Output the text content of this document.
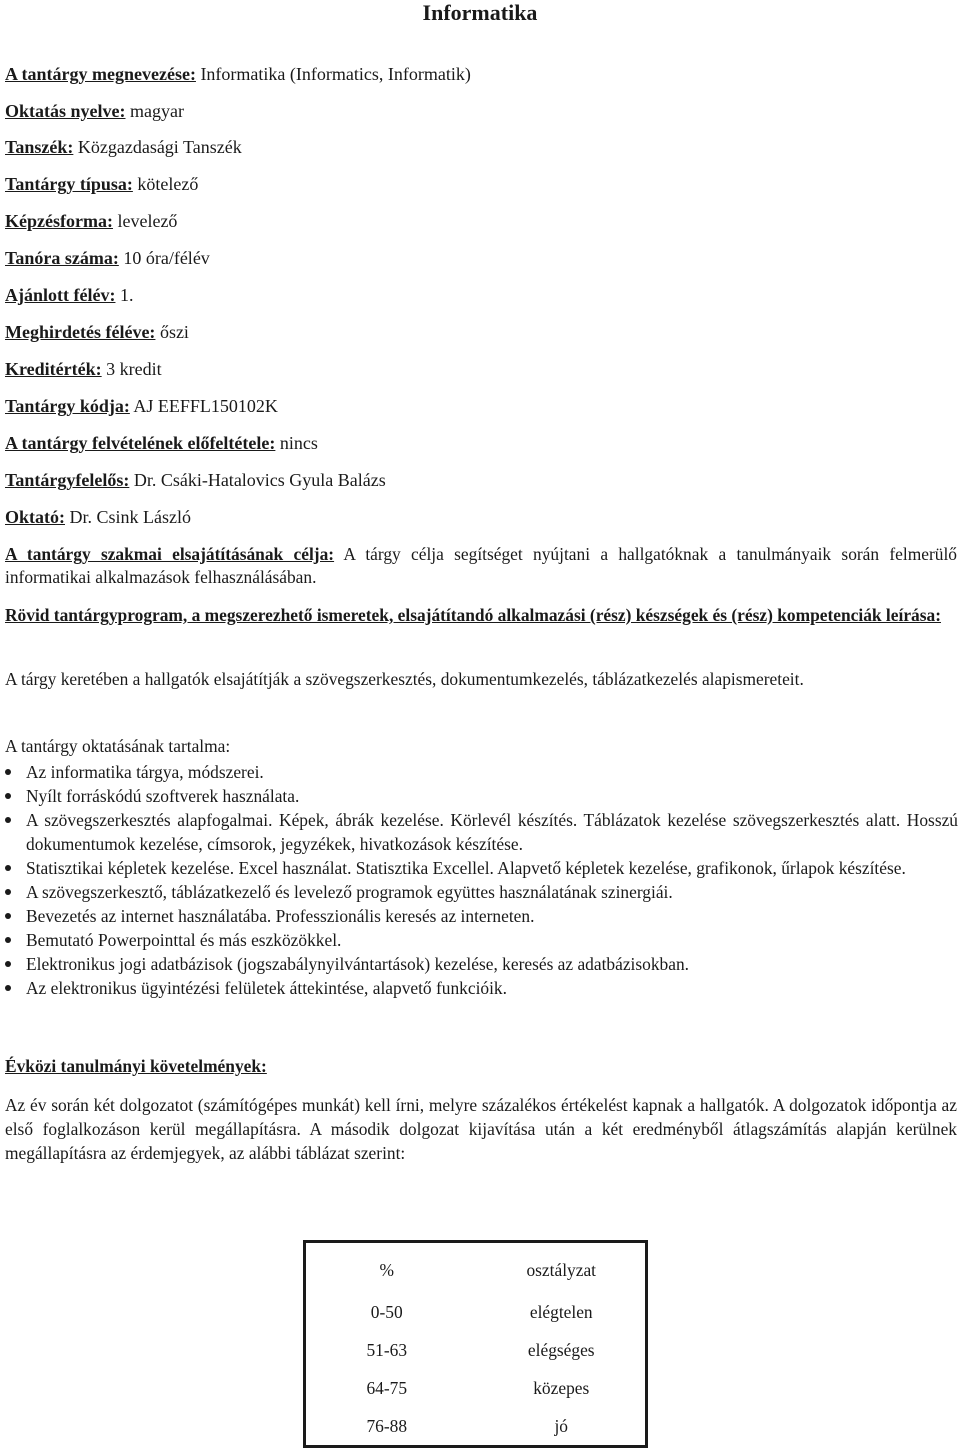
Informatika
A tantárgy megnevezése: Informatika (Informatics, Informatik)
Oktatás nyelve: magyar
Tanszék: Közgazdasági Tanszék
Tantárgy típusa: kötelező
Képzésforma: levelező
Tanóra száma: 10 óra/félév
Ajánlott félév: 1.
Meghirdetés féléve: őszi
Kreditérték: 3 kredit
Tantárgy kódja: AJ EEFFL150102K
A tantárgy felvételének előfeltétele: nincs
Tantárgyfelelős: Dr. Csáki-Hatalovics Gyula Balázs
Oktató: Dr. Csink László
A tantárgy szakmai elsajátításának célja: A tárgy célja segítséget nyújtani a hallgatóknak a tanulmányaik során felmerülő informatikai alkalmazások felhasználásában.
Rövid tantárgyprogram, a megszerezhető ismeretek, elsajátítandó alkalmazási (rész) készségek és (rész) kompetenciák leírása:
A tárgy keretében a hallgatók elsajátítják a szövegszerkesztés, dokumentumkezelés, táblázatkezelés alapismereteit.
A tantárgy oktatásának tartalma:
Az informatika tárgya, módszerei.
Nyílt forráskódú szoftverek használata.
A szövegszerkesztés alapfogalmai. Képek, ábrák kezelése. Körlevél készítés. Táblázatok kezelése szövegszerkesztés alatt. Hosszú dokumentumok kezelése, címsorok, jegyzékek, hivatkozások készítése.
Statisztikai képletek kezelése. Excel használat. Statisztika Excellel. Alapvető képletek kezelése, grafikonok, űrlapok készítése.
A szövegszerkesztő, táblázatkezelő és levelező programok együttes használatának szinergiái.
Bevezetés az internet használatába. Professzionális keresés az interneten.
Bemutató Powerpointtal és más eszközökkel.
Elektronikus jogi adatbázisok (jogszabálynyilvántartások) kezelése, keresés az adatbázisokban.
Az elektronikus ügyintézési felületek áttekintése, alapvető funkcióik.
Évközi tanulmányi követelmények:
Az év során két dolgozatot (számítógépes munkát) kell írni, melyre százalékos értékelést kapnak a hallgatók. A dolgozatok időpontja az első foglalkozáson kerül megállapításra. A második dolgozat kijavítása után a két eredményből átlagszámítás alapján kerülnek megállapításra az érdemjegyek, az alábbi táblázat szerint:
%	osztályzat
0-50	elégtelen
51-63	elégséges
64-75	közepes
76-88	jó
